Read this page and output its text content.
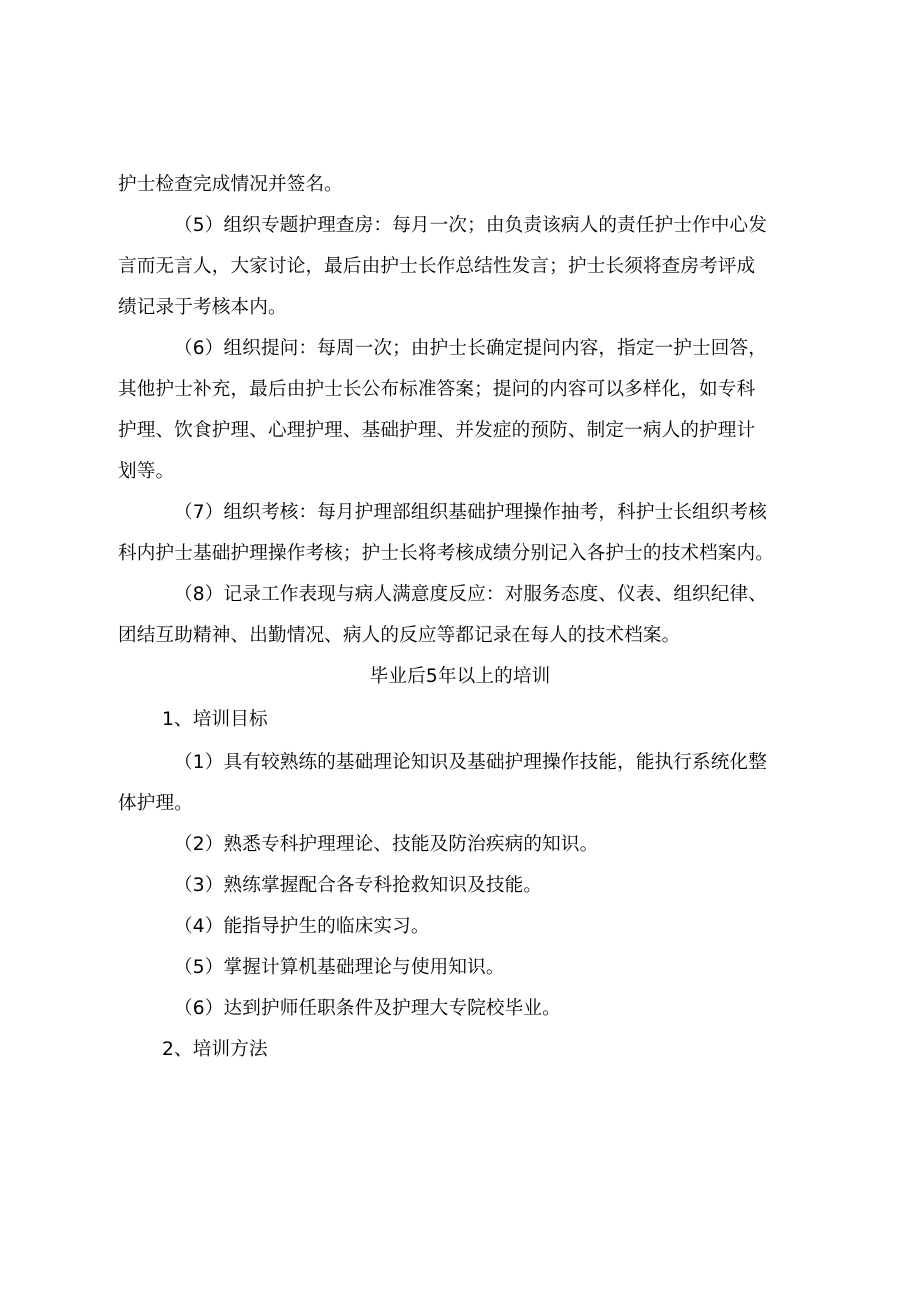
护士检查完成情况并签名。
（5）组织专题护理查房：每月一次；由负责该病人的责任护士作中心发
言而无言人，大家讨论，最后由护士长作总结性发言；护士长须将查房考评成
绩记录于考核本内。
（6）组织提问：每周一次；由护士长确定提问内容，指定一护士回答，
其他护士补充，最后由护士长公布标准答案；提问的内容可以多样化，如专科
护理、饮食护理、心理护理、基础护理、并发症的预防、制定一病人的护理计
划等。
（7）组织考核：每月护理部组织基础护理操作抽考，科护士长组织考核
科内护士基础护理操作考核；护士长将考核成绩分别记入各护士的技术档案内。
（8）记录工作表现与病人满意度反应：对服务态度、仪表、组织纪律、
团结互助精神、出勤情况、病人的反应等都记录在每人的技术档案。
毕业后5年以上的培训
1、培训目标
（1）具有较熟练的基础理论知识及基础护理操作技能，能执行系统化整
体护理。
（2）熟悉专科护理理论、技能及防治疾病的知识。
（3）熟练掌握配合各专科抢救知识及技能。
（4）能指导护生的临床实习。
（5）掌握计算机基础理论与使用知识。
（6）达到护师任职条件及护理大专院校毕业。
2、培训方法
